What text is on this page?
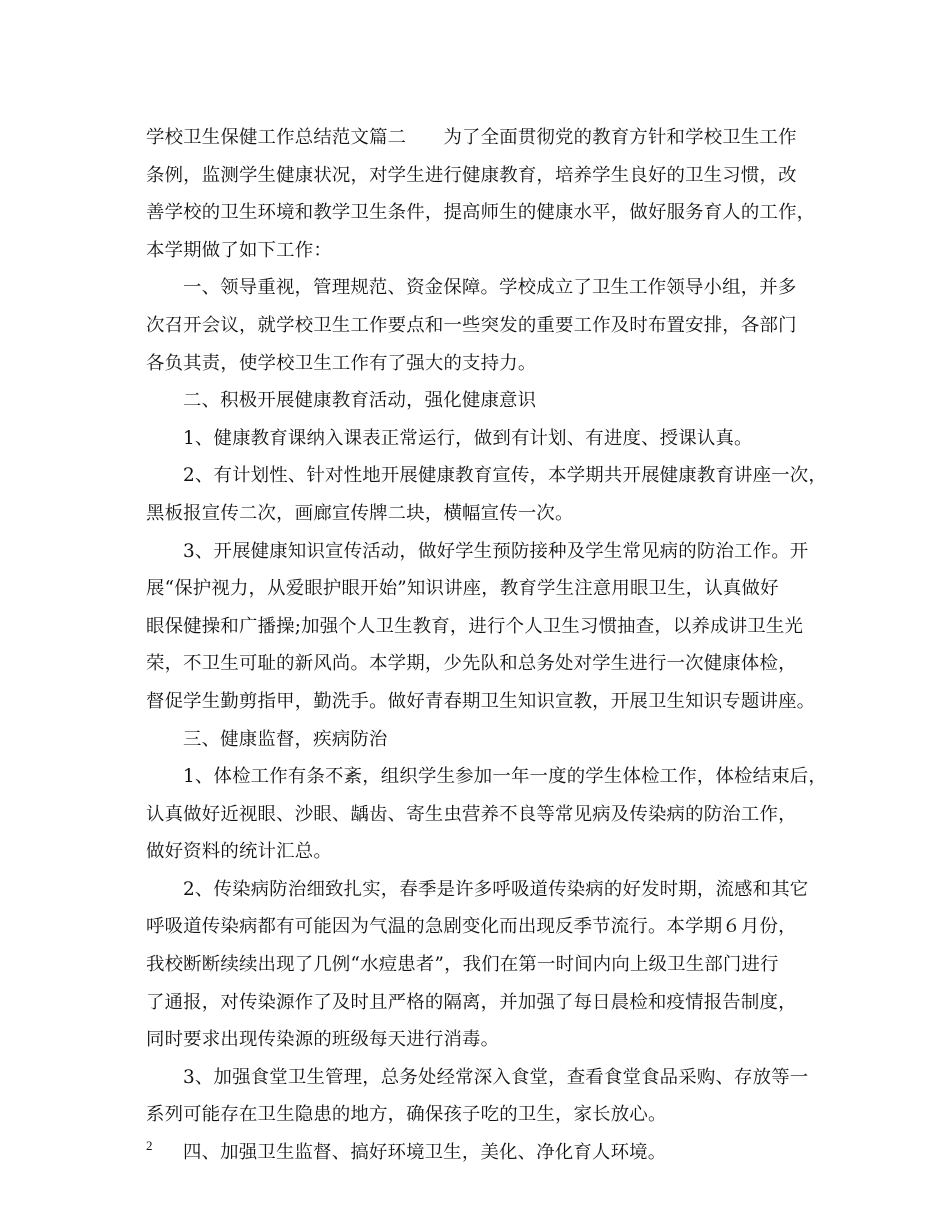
学校卫生保健工作总结范文篇二　　为了全面贯彻党的教育方针和学校卫生工作
条例，监测学生健康状况，对学生进行健康教育，培养学生良好的卫生习惯，改
善学校的卫生环境和教学卫生条件，提高师生的健康水平，做好服务育人的工作，
本学期做了如下工作：
一、领导重视，管理规范、资金保障。学校成立了卫生工作领导小组，并多
次召开会议，就学校卫生工作要点和一些突发的重要工作及时布置安排，各部门
各负其责，使学校卫生工作有了强大的支持力。
二、积极开展健康教育活动，强化健康意识
1、健康教育课纳入课表正常运行，做到有计划、有进度、授课认真。
2、有计划性、针对性地开展健康教育宣传，本学期共开展健康教育讲座一次，
黑板报宣传二次，画廊宣传牌二块，横幅宣传一次。
3、开展健康知识宣传活动，做好学生预防接种及学生常见病的防治工作。开
展“保护视力，从爱眼护眼开始”知识讲座，教育学生注意用眼卫生，认真做好
眼保健操和广播操;加强个人卫生教育，进行个人卫生习惯抽查，以养成讲卫生光
荣，不卫生可耻的新风尚。本学期，少先队和总务处对学生进行一次健康体检，
督促学生勤剪指甲，勤洗手。做好青春期卫生知识宣教，开展卫生知识专题讲座。
三、健康监督，疾病防治
1、体检工作有条不紊，组织学生参加一年一度的学生体检工作，体检结束后，
认真做好近视眼、沙眼、龋齿、寄生虫营养不良等常见病及传染病的防治工作，
做好资料的统计汇总。
2、传染病防治细致扎实，春季是许多呼吸道传染病的好发时期，流感和其它
呼吸道传染病都有可能因为气温的急剧变化而出现反季节流行。本学期６月份，
我校断断续续出现了几例“水痘患者”，我们在第一时间内向上级卫生部门进行
了通报，对传染源作了及时且严格的隔离，并加强了每日晨检和疫情报告制度，
同时要求出现传染源的班级每天进行消毒。
3、加强食堂卫生管理，总务处经常深入食堂，查看食堂食品采购、存放等一
系列可能存在卫生隐患的地方，确保孩子吃的卫生，家长放心。
四、加强卫生监督、搞好环境卫生，美化、净化育人环境。
2
